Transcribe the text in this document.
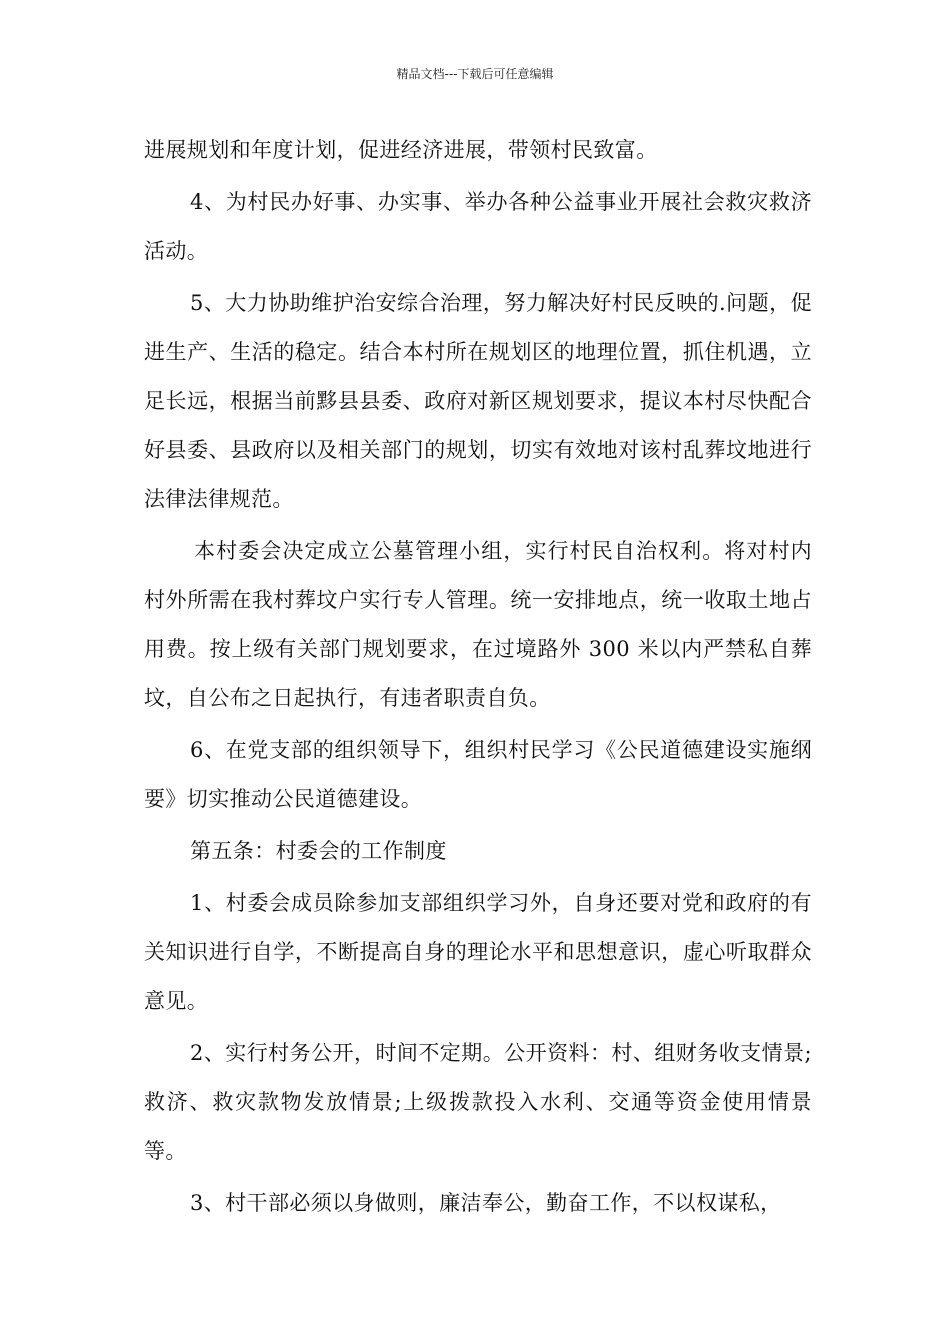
精品文档---下载后可任意编辑

进展规划和年度计划，促进经济进展，带领村民致富。

4、为村民办好事、办实事、举办各种公益事业开展社会救灾救济活动。

5、大力协助维护治安综合治理，努力解决好村民反映的.问题，促进生产、生活的稳定。结合本村所在规划区的地理位置，抓住机遇，立足长远，根据当前黟县县委、政府对新区规划要求，提议本村尽快配合好县委、县政府以及相关部门的规划，切实有效地对该村乱葬坟地进行法律法律规范。

本村委会决定成立公墓管理小组，实行村民自治权利。将对村内村外所需在我村葬坟户实行专人管理。统一安排地点，统一收取土地占用费。按上级有关部门规划要求，在过境路外 300 米以内严禁私自葬坟，自公布之日起执行，有违者职责自负。

6、在党支部的组织领导下，组织村民学习《公民道德建设实施纲要》切实推动公民道德建设。

第五条：村委会的工作制度

1、村委会成员除参加支部组织学习外，自身还要对党和政府的有关知识进行自学，不断提高自身的理论水平和思想意识，虚心听取群众意见。

2、实行村务公开，时间不定期。公开资料：村、组财务收支情景;救济、救灾款物发放情景;上级拨款投入水利、交通等资金使用情景等。

3、村干部必须以身做则，廉洁奉公，勤奋工作，不以权谋私，
